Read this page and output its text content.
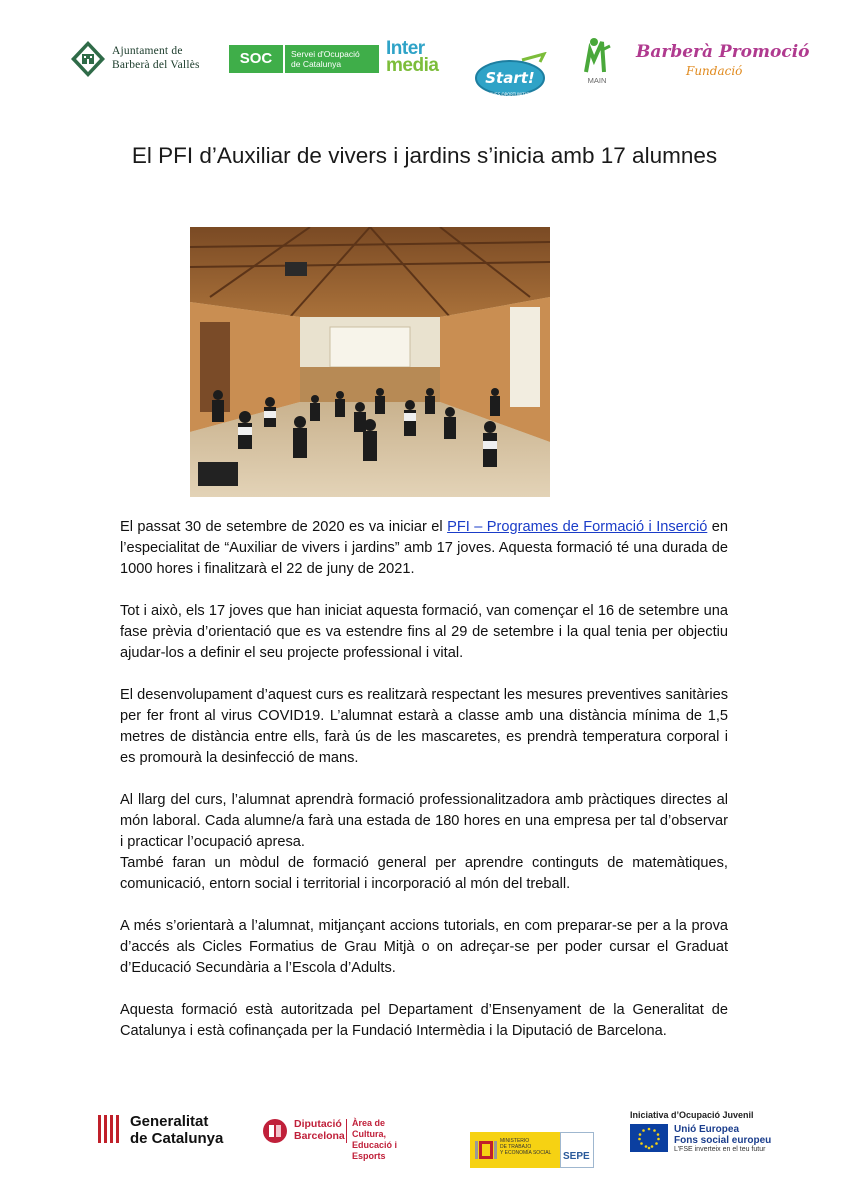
Ajuntament de
Barberà del Vallès	SOC	Servei d'Ocupació
de Catalunya
Inter
media
Start!
JOVES OPORTUNITATS
MAIN
Barberà Promoció
Fundació
El PFI d’Auxiliar de vivers i jardins s’inicia amb 17 alumnes

El passat 30 de setembre de 2020 es va iniciar el PFI – Programes de Formació i Inserció en l’especialitat de “Auxiliar de vivers i jardins” amb 17 joves. Aquesta formació té una durada de 1000 hores i finalitzarà el 22 de juny de 2021.

Tot i això, els 17 joves que han iniciat aquesta formació, van començar el 16 de setembre una fase prèvia d’orientació que es va estendre fins al 29 de setembre i la qual tenia per objectiu ajudar-los a definir el seu projecte professional i vital.

El desenvolupament d’aquest curs es realitzarà respectant les mesures preventives sanitàries per fer front al virus COVID19. L’alumnat estarà a classe amb una distància mínima de 1,5 metres de distància entre ells, farà ús de les mascaretes, es prendrà temperatura corporal i es promourà la desinfecció de mans.

Al llarg del curs, l’alumnat aprendrà formació professionalitzadora amb pràctiques directes al món laboral. Cada alumne/a farà una estada de 180 hores en una empresa per tal d’observar i practicar l’ocupació apresa.

També faran un mòdul de formació general per aprendre continguts de matemàtiques, comunicació, entorn social i territorial i incorporació al món del treball.

A més s’orientarà a l’alumnat, mitjançant accions tutorials, en com preparar-se per a la prova d’accés als Cicles Formatius de Grau Mitjà o on adreçar-se per poder cursar el Graduat d’Educació Secundària a l’Escola d’Adults.

Aquesta formació està autoritzada pel Departament d’Ensenyament de la Generalitat de Catalunya i està cofinançada per la Fundació Intermèdia i la Diputació de Barcelona.

Generalitat
de Catalunya
Diputació
Barcelona
Àrea de Cultura,
Educació i Esports
MINISTERIO
DE TRABAJO
Y ECONOMÍA SOCIAL SEPE
Iniciativa d’Ocupació Juvenil
Unió Europea
Fons social europeu
L’FSE inverteix en el teu futur
